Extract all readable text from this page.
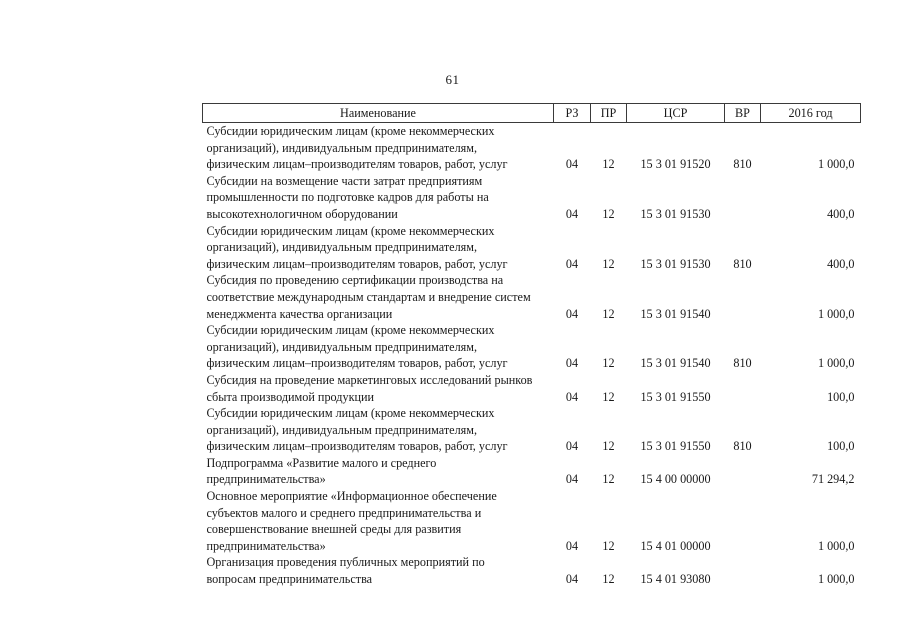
61
Наименование	РЗ	ПР	ЦСР	ВР	2016 год

Субсидии юридическим лицам (кроме некоммерческих
организаций), индивидуальным предпринимателям,
физическим лицам–производителям товаров, работ, услуг	04	12	15 3 01 91520	810	1 000,0

Субсидии на возмещение части затрат предприятиям
промышленности по подготовке кадров для работы на
высокотехнологичном оборудовании	04	12	15 3 01 91530		400,0

Субсидии юридическим лицам (кроме некоммерческих
организаций), индивидуальным предпринимателям,
физическим лицам–производителям товаров, работ, услуг	04	12	15 3 01 91530	810	400,0

Субсидия по проведению сертификации производства на
соответствие международным стандартам и внедрение систем
менеджмента качества организации	04	12	15 3 01 91540		1 000,0

Субсидии юридическим лицам (кроме некоммерческих
организаций), индивидуальным предпринимателям,
физическим лицам–производителям товаров, работ, услуг	04	12	15 3 01 91540	810	1 000,0

Субсидия на проведение маркетинговых исследований рынков
сбыта производимой продукции	04	12	15 3 01 91550		100,0

Субсидии юридическим лицам (кроме некоммерческих
организаций), индивидуальным предпринимателям,
физическим лицам–производителям товаров, работ, услуг	04	12	15 3 01 91550	810	100,0

Подпрограмма «Развитие малого и среднего
предпринимательства»	04	12	15 4 00 00000		71 294,2

Основное мероприятие «Информационное обеспечение
субъектов малого и среднего предпринимательства и
совершенствование внешней среды для развития
предпринимательства»	04	12	15 4 01 00000		1 000,0

Организация проведения публичных мероприятий по
вопросам предпринимательства	04	12	15 4 01 93080		1 000,0
